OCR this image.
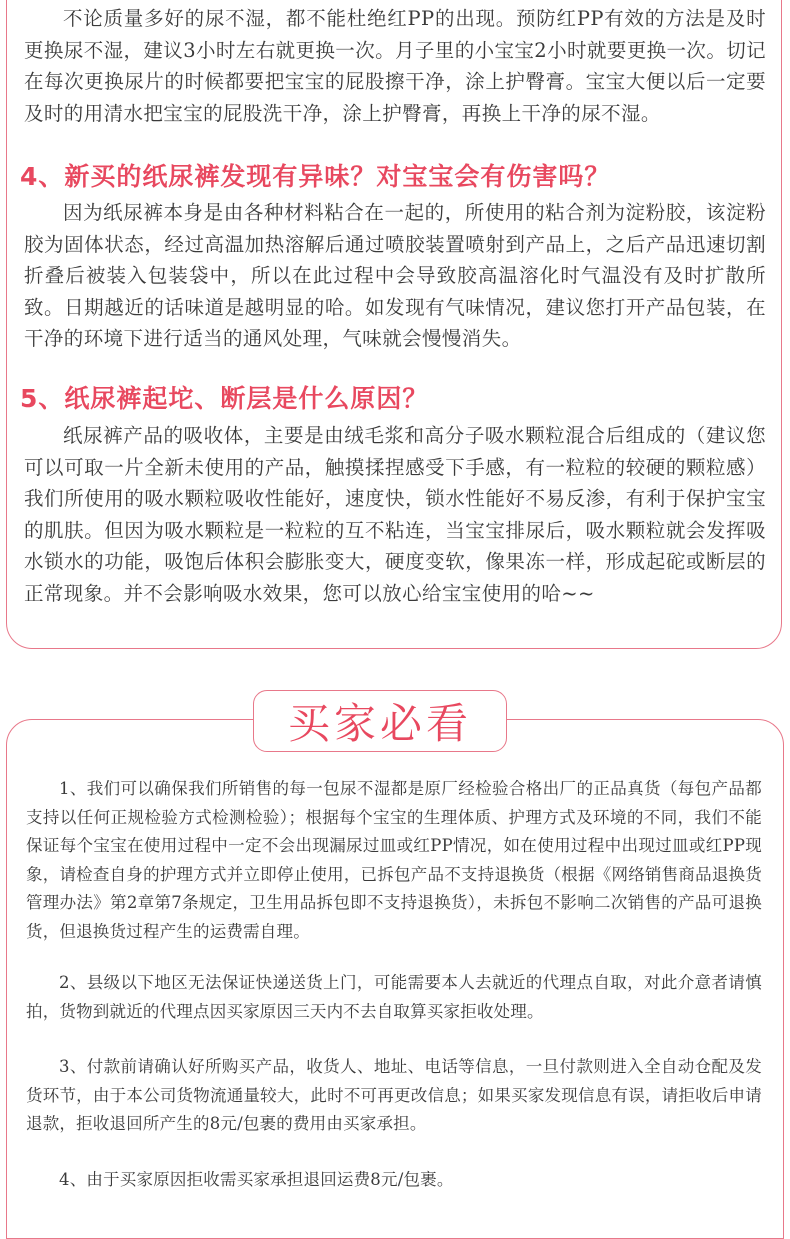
不论质量多好的尿不湿，都不能杜绝红PP的出现。预防红PP有效的方法是及时更换尿不湿，建议3小时左右就更换一次。月子里的小宝宝2小时就要更换一次。切记在每次更换尿片的时候都要把宝宝的屁股擦干净，涂上护臀膏。宝宝大便以后一定要及时的用清水把宝宝的屁股洗干净，涂上护臀膏，再换上干净的尿不湿。

4、新买的纸尿裤发现有异味？对宝宝会有伤害吗？

因为纸尿裤本身是由各种材料粘合在一起的，所使用的粘合剂为淀粉胶，该淀粉胶为固体状态，经过高温加热溶解后通过喷胶装置喷射到产品上，之后产品迅速切割折叠后被装入包装袋中，所以在此过程中会导致胶高温溶化时气温没有及时扩散所致。日期越近的话味道是越明显的哈。如发现有气味情况，建议您打开产品包装，在干净的环境下进行适当的通风处理，气味就会慢慢消失。

5、纸尿裤起坨、断层是什么原因？

纸尿裤产品的吸收体，主要是由绒毛浆和高分子吸水颗粒混合后组成的（建议您可以可取一片全新未使用的产品，触摸揉捏感受下手感，有一粒粒的较硬的颗粒感）我们所使用的吸水颗粒吸收性能好，速度快，锁水性能好不易反渗，有利于保护宝宝的肌肤。但因为吸水颗粒是一粒粒的互不粘连，当宝宝排尿后，吸水颗粒就会发挥吸水锁水的功能，吸饱后体积会膨胀变大，硬度变软，像果冻一样，形成起砣或断层的正常现象。并不会影响吸水效果，您可以放心给宝宝使用的哈~~

买家必看

1、我们可以确保我们所销售的每一包尿不湿都是原厂经检验合格出厂的正品真货（每包产品都支持以任何正规检验方式检测检验）；根据每个宝宝的生理体质、护理方式及环境的不同，我们不能保证每个宝宝在使用过程中一定不会出现漏尿过皿或红PP情况，如在使用过程中出现过皿或红PP现象，请检查自身的护理方式并立即停止使用，已拆包产品不支持退换货（根据《网络销售商品退换货管理办法》第2章第7条规定，卫生用品拆包即不支持退换货），未拆包不影响二次销售的产品可退换货，但退换货过程产生的运费需自理。

2、县级以下地区无法保证快递送货上门，可能需要本人去就近的代理点自取，对此介意者请慎拍，货物到就近的代理点因买家原因三天内不去自取算买家拒收处理。

3、付款前请确认好所购买产品，收货人、地址、电话等信息，一旦付款则进入全自动仓配及发货环节，由于本公司货物流通量较大，此时不可再更改信息；如果买家发现信息有误，请拒收后申请退款，拒收退回所产生的8元/包裹的费用由买家承担。

4、由于买家原因拒收需买家承担退回运费8元/包裹。
